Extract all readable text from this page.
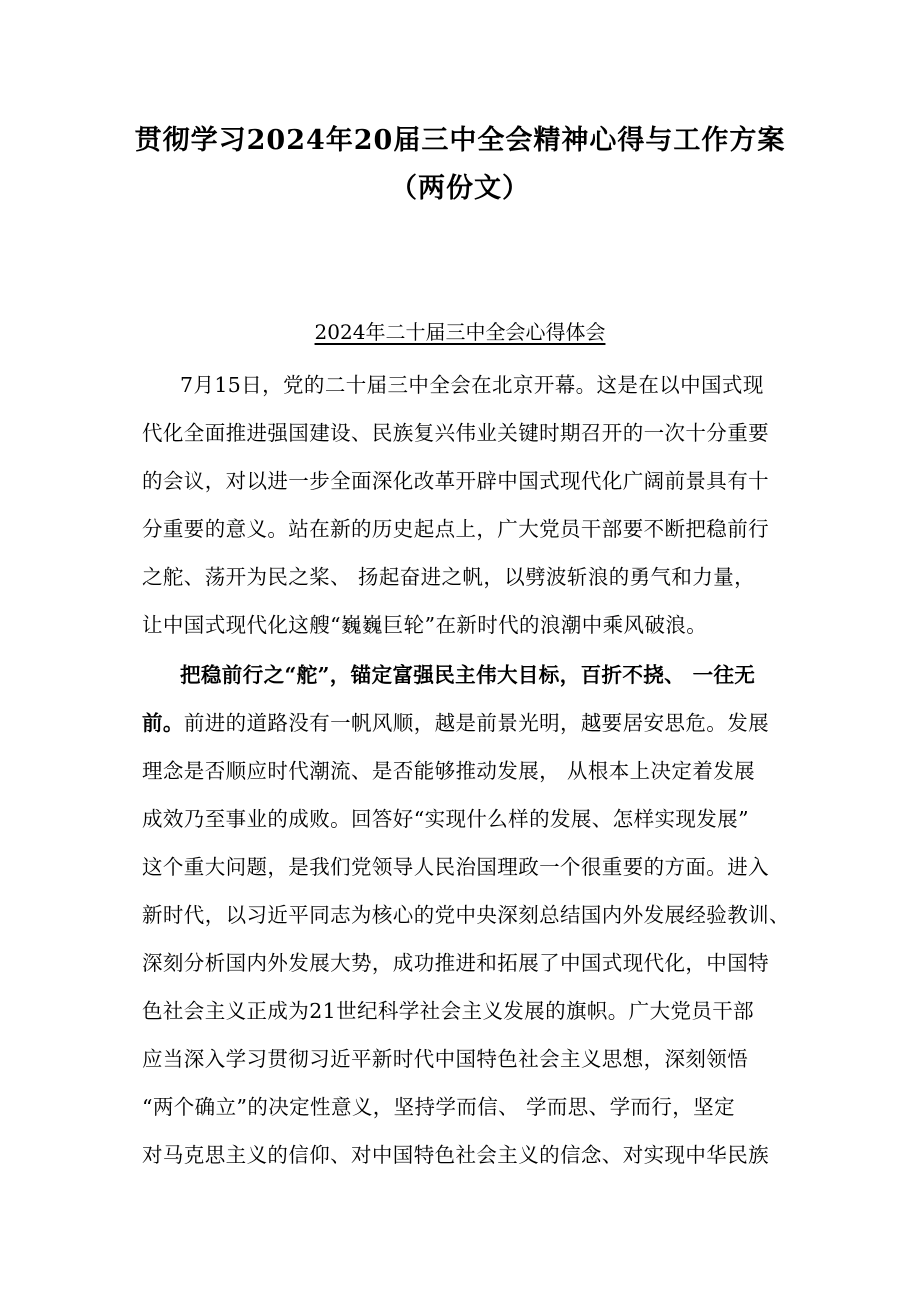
贯彻学习2024年20届三中全会精神心得与工作方案
（两份文）
2024年二十届三中全会心得体会
7月15日，党的二十届三中全会在北京开幕。这是在以中国式现
代化全面推进强国建设、民族复兴伟业关键时期召开的一次十分重要
的会议，对以进一步全面深化改革开辟中国式现代化广阔前景具有十
分重要的意义。站在新的历史起点上，广大党员干部要不断把稳前行
之舵、荡开为民之桨、 扬起奋进之帆，以劈波斩浪的勇气和力量，
让中国式现代化这艘“巍巍巨轮”在新时代的浪潮中乘风破浪。
把稳前行之“舵”，锚定富强民主伟大目标，百折不挠、 一往无
前。前进的道路没有一帆风顺，越是前景光明，越要居安思危。发展
理念是否顺应时代潮流、是否能够推动发展， 从根本上决定着发展
成效乃至事业的成败。回答好“实现什么样的发展、怎样实现发展”
这个重大问题，是我们党领导人民治国理政一个很重要的方面。进入
新时代，以习近平同志为核心的党中央深刻总结国内外发展经验教训、
深刻分析国内外发展大势，成功推进和拓展了中国式现代化，中国特
色社会主义正成为21世纪科学社会主义发展的旗帜。广大党员干部
应当深入学习贯彻习近平新时代中国特色社会主义思想，深刻领悟
“两个确立”的决定性意义，坚持学而信、 学而思、学而行，坚定
对马克思主义的信仰、对中国特色社会主义的信念、对实现中华民族
